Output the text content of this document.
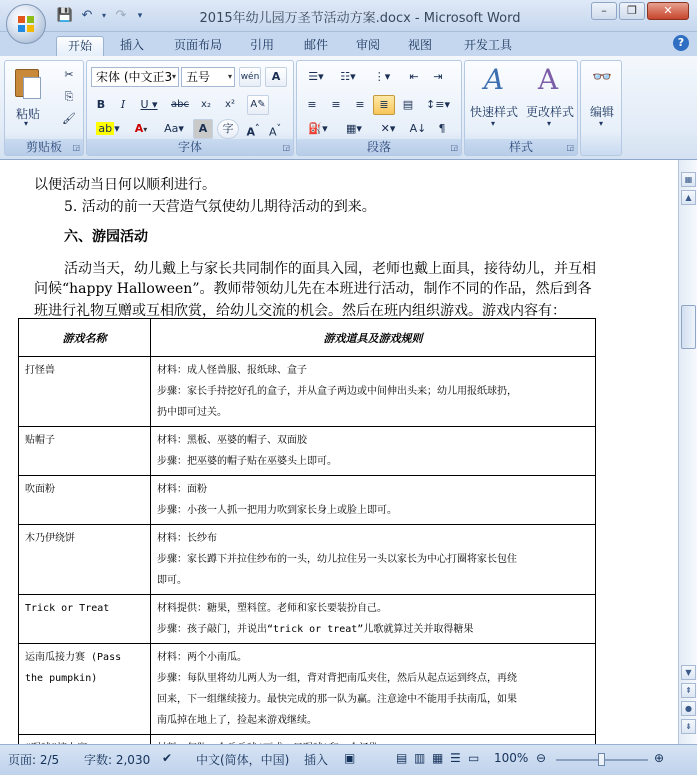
💾 ↶	▾ ↷	▾	2015年幼儿园万圣节活动方案.docx - Microsoft Word
–	❐	✕
开始	插入	页面布局	引用	邮件	审阅	视图	开发工具	?
粘贴
▾
✂
⎘
🖌
剪贴板	◲
宋体 (中文正3 ▾ 五号 ▾ wén	A
B	I	U ▾	abc	x₂	x²	A✎
ab ▾	A▾	Aa▾	A	字	A˄ A˅
字体	◲
☰▾	☷▾	⋮▾	⇤	⇥
≡	≡	≡	≣	▤	↕≡▾
⛽▾	▦▾	✕▾	A↓	¶
段落	◲
A
快速样式
▾
A
更改样式
▾
样式	◲
👓
编辑
▾
以便活动当日何以顺利进行。
5. 活动的前一天营造气氛使幼儿期待活动的到来。
六、游园活动
活动当天，幼儿戴上与家长共同制作的面具入园，老师也戴上面具，接待幼儿，并互相
问候“happy Halloween”。教师带领幼儿先在本班进行活动，制作不同的作品，然后到各
班进行礼物互赠或互相欣赏，给幼儿交流的机会。然后在班内组织游戏。游戏内容有：
游戏名称	游戏道具及游戏规则
打怪兽	材料：成人怪兽服、报纸球、盒子
步骤：家长手持挖好孔的盒子，并从盒子两边或中间伸出头来；幼儿用报纸球扔，
扔中即可过关。

贴帽子	材料：黑板、巫婆的帽子、双面胶
步骤：把巫婆的帽子贴在巫婆头上即可。

吹面粉	材料：面粉
步骤：小孩一人抓一把用力吹到家长身上或脸上即可。

木乃伊绕饼	材料：长纱布
步骤：家长蹲下并拉住纱布的一头，幼儿拉住另一头以家长为中心打圈将家长包住
即可。

Trick or Treat	材料提供：糖果，塑料筐。老师和家长要装扮自己。
步骤：孩子敲门，并说出“trick or treat”儿歌就算过关并取得糖果

运南瓜接力赛 (Pass the pumpkin)	材料：两个小南瓜。
步骤：每队里将幼儿两人为一组，背对背把南瓜夹住，然后从起点运到终点，再绕
回来，下一组继续接力。最快完成的那一队为赢。注意途中不能用手扶南瓜，如果
南瓜掉在地上了，捡起来游戏继续。

▦
▲
▼
⇞
●
⇟
页面: 2/5 字数: 2,030 ✔ 中文(简体，中国) 插入 ▣	▤ ▥ ▦ ☰ ▭ 100% ⊖	⊕
